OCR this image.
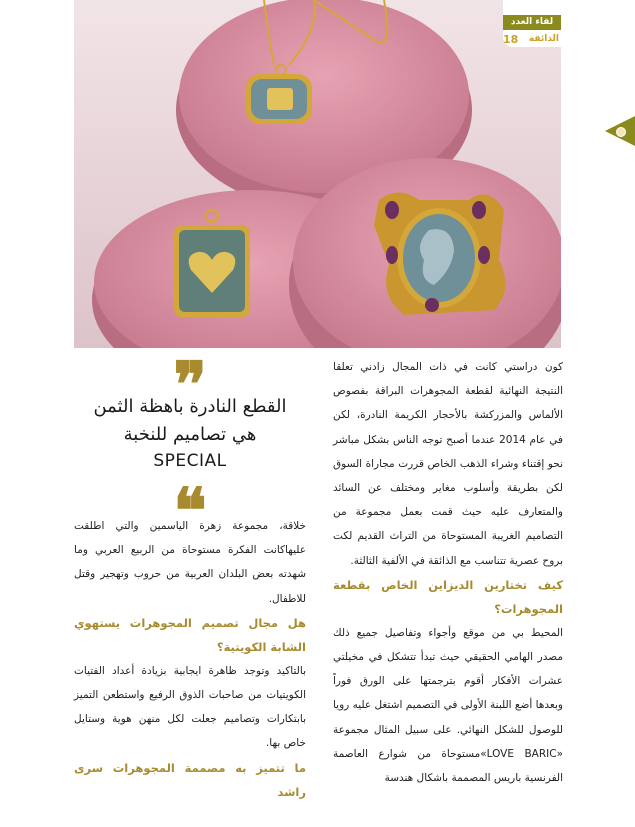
لقاء العدد
18 الذائقة
❞
القطع النادرة باهظة الثمن
هي تصاميم للنخبة
SPECIAL
❝

كون دراستي كانت في ذات المجال زادني تعلقا النتيجة النهائية لقطعة المجوهرات البراقة بفصوص الألماس والمزركشة بالأحجار الكريمة النادرة، لكن في عام 2014 عندما أصبح توجه الناس بشكل مباشر نحو إقتناء وشراء الذهب الخاص قررت مجاراة السوق لكن بطريقة وأسلوب مغاير ومختلف عن السائد والمتعارف عليه حيث قمت بعمل مجموعة من التصاميم الغريبة المستوحاة من التراث القديم لكت بروح عصرية تتناسب مع الذائقة في الألفية الثالثة.

كيف تختارين الديزاين الخاص بقطعة المجوهرات؟

المحيط بي من موقع وأجواء وتفاصيل جميع ذلك مصدر الهامي الحقيقي حيث تبدأ تتشكل في مخيلتي عشرات الأفكار أقوم بترجمتها على الورق فوراً وبعدها أضع اللبنة الأولى في التصميم اشتغل عليه رويا للوصول للشكل النهائي. على سبيل المثال مجموعة «LOVE BARIC»مستوحاة من شوارع العاصمة الفرنسية باريس المصممة باشكال هندسة

خلاقة، مجموعة زهرة الياسمين والتي اطلقت عليهاكانت الفكرة مستوحاة من الربيع العربي وما شهدته بعض البلدان العربية من حروب وتهجير وقتل للاطفال.

هل مجال تصميم المجوهرات يستهوي الشابة الكويتية؟

بالتاكيد وتوجد ظاهرة ايجابية بزيادة أعداد الفتيات الكويتيات من صاحبات الذوق الرفيع واستطعن التميز بابتكارات وتصاميم جعلت لكل منهن هوية وستايل خاص بها.

ما تتميز به مصممة المجوهرات سرى راشد
